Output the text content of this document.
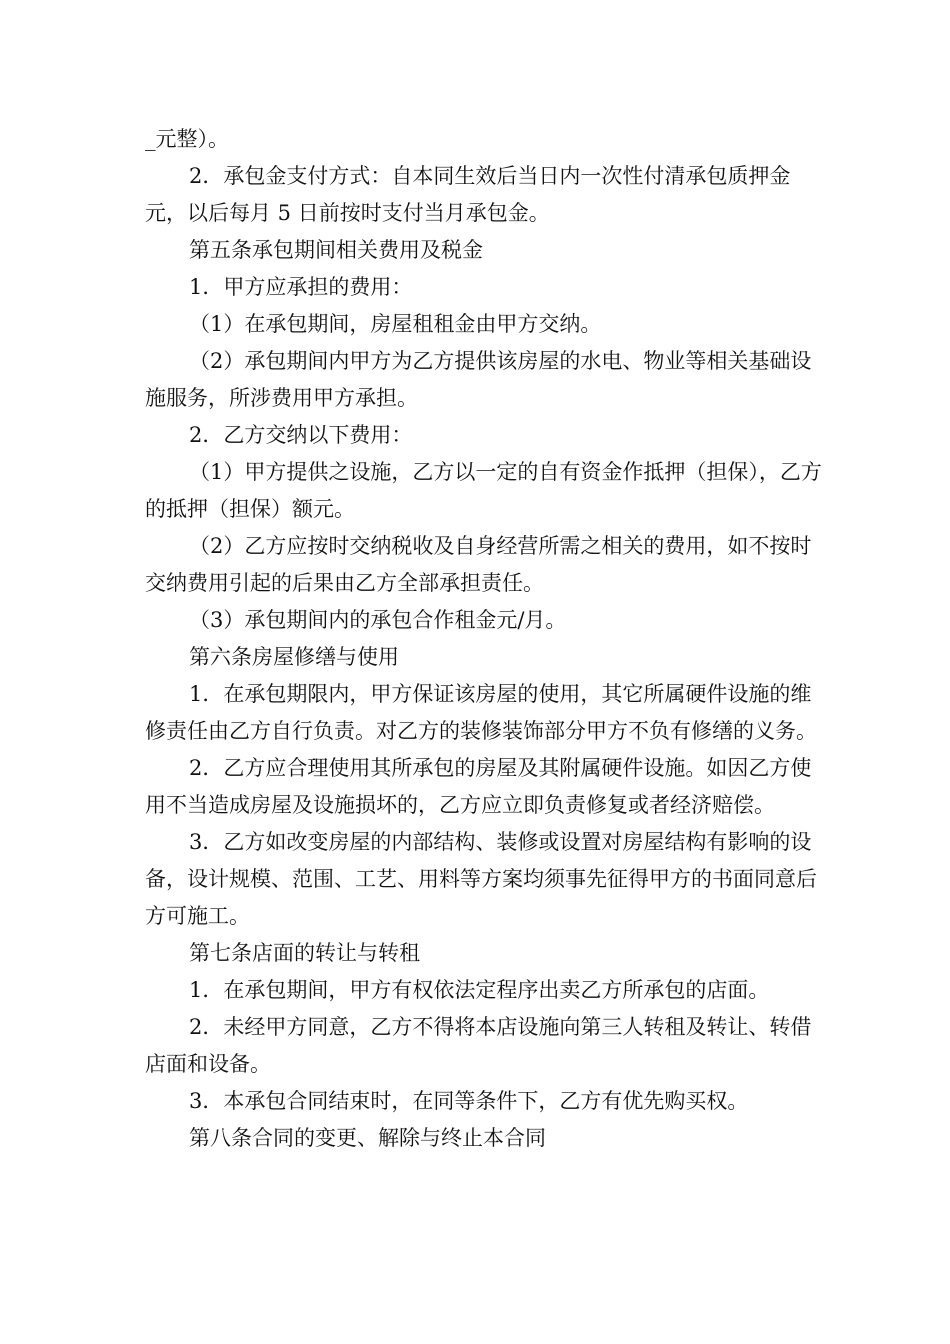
_元整）。

2．承包金支付方式：自本同生效后当日内一次性付清承包质押金元，以后每月 5 日前按时支付当月承包金。

第五条承包期间相关费用及税金

1．甲方应承担的费用：

（1）在承包期间，房屋租租金由甲方交纳。

（2）承包期间内甲方为乙方提供该房屋的水电、物业等相关基础设施服务，所涉费用甲方承担。

2．乙方交纳以下费用：

（1）甲方提供之设施，乙方以一定的自有资金作抵押（担保），乙方的抵押（担保）额元。

（2）乙方应按时交纳税收及自身经营所需之相关的费用，如不按时交纳费用引起的后果由乙方全部承担责任。

（3）承包期间内的承包合作租金元/月。

第六条房屋修缮与使用

1．在承包期限内，甲方保证该房屋的使用，其它所属硬件设施的维修责任由乙方自行负责。对乙方的装修装饰部分甲方不负有修缮的义务。

2．乙方应合理使用其所承包的房屋及其附属硬件设施。如因乙方使用不当造成房屋及设施损坏的，乙方应立即负责修复或者经济赔偿。

3．乙方如改变房屋的内部结构、装修或设置对房屋结构有影响的设备，设计规模、范围、工艺、用料等方案均须事先征得甲方的书面同意后方可施工。

第七条店面的转让与转租

1．在承包期间，甲方有权依法定程序出卖乙方所承包的店面。

2．未经甲方同意，乙方不得将本店设施向第三人转租及转让、转借店面和设备。

3．本承包合同结束时，在同等条件下，乙方有优先购买权。

第八条合同的变更、解除与终止本合同
